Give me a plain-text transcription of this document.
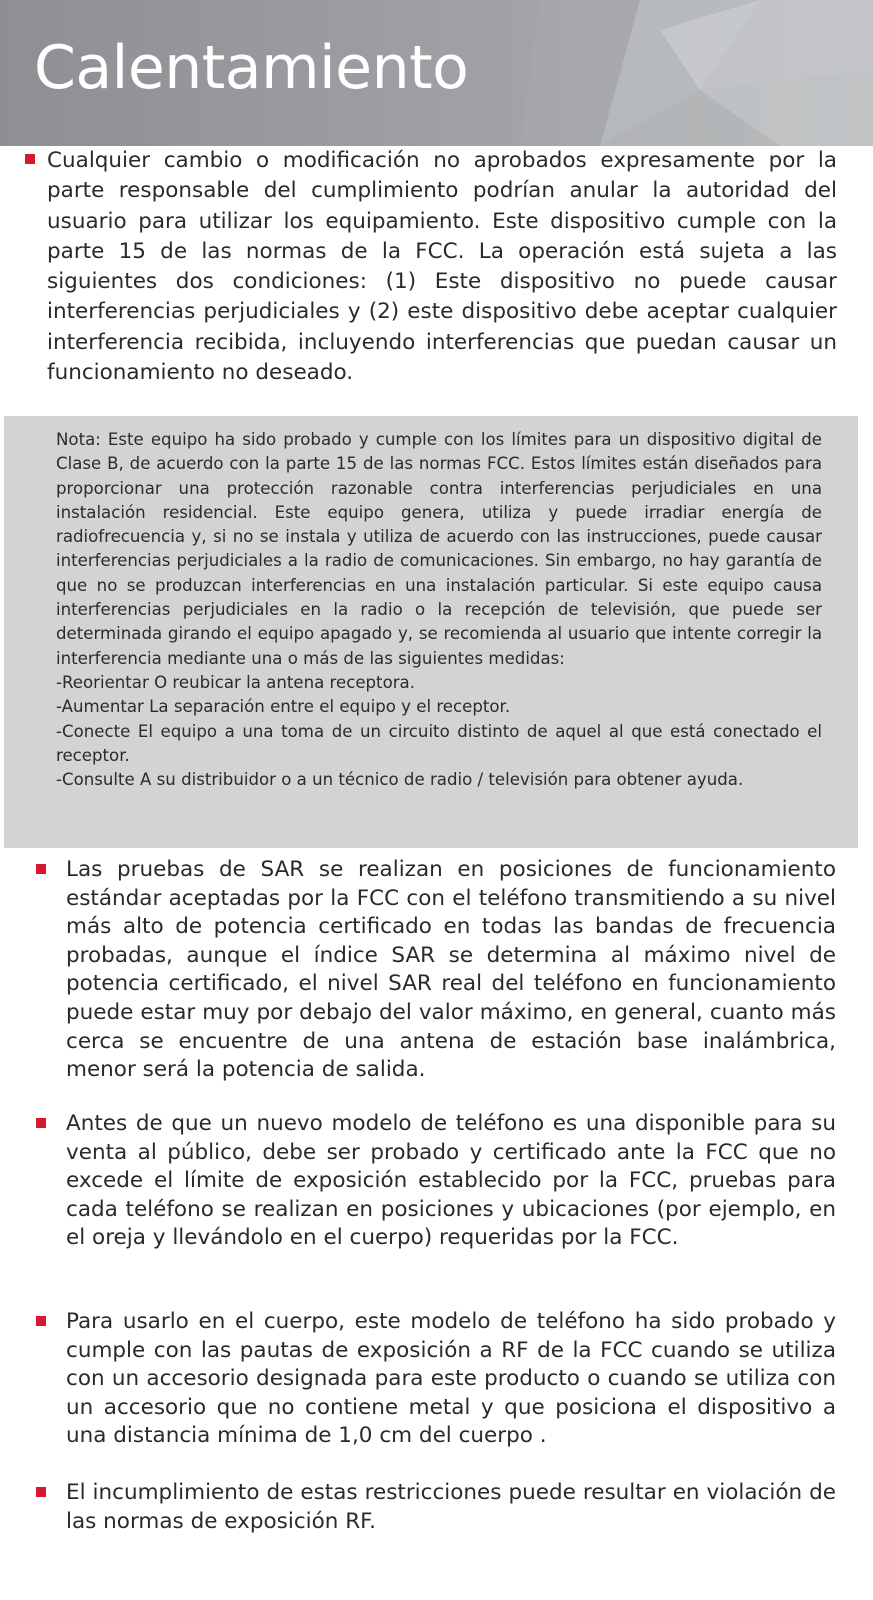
Calentamiento

Cualquier cambio o modificación no aprobados expresamente por la parte responsable del cumplimiento podrían anular la autoridad del usuario para utilizar los equipamiento. Este dispositivo cumple con la parte 15 de las normas de la FCC. La operación está sujeta a las siguientes dos condiciones: (1) Este dispositivo no puede causar interferencias perjudiciales y (2) este dispositivo debe aceptar cualquier interferencia recibida, incluyendo interferencias que puedan causar un funcionamiento no deseado.

Nota: Este equipo ha sido probado y cumple con los límites para un dispositivo digital de Clase B, de acuerdo con la parte 15 de las normas FCC. Estos límites están diseñados para proporcionar una protección razonable contra interferencias perjudiciales en una instalación residencial. Este equipo genera, utiliza y puede irradiar energía de radiofrecuencia y, si no se instala y utiliza de acuerdo con las instrucciones, puede causar interferencias perjudiciales a la radio de comunicaciones. Sin embargo, no hay garantía de que no se produzcan interferencias en una instalación particular. Si este equipo causa interferencias perjudiciales en la radio o la recepción de televisión, que puede ser determinada girando el equipo apagado y, se recomienda al usuario que intente corregir la interferencia mediante una o más de las siguientes medidas:
-Reorientar O reubicar la antena receptora.
-Aumentar La separación entre el equipo y el receptor.
-Conecte El equipo a una toma de un circuito distinto de aquel al que está conectado el receptor.
-Consulte A su distribuidor o a un técnico de radio / televisión para obtener ayuda.

Las pruebas de SAR se realizan en posiciones de funcionamiento estándar aceptadas por la FCC con el teléfono transmitiendo a su nivel más alto de potencia certificado en todas las bandas de frecuencia probadas, aunque el índice SAR se determina al máximo nivel de potencia certificado, el nivel SAR real del teléfono en funcionamiento puede estar muy por debajo del valor máximo, en general, cuanto más cerca se encuentre de una antena de estación base inalámbrica, menor será la potencia de salida.

Antes de que un nuevo modelo de teléfono es una disponible para su venta al público, debe ser probado y certificado ante la FCC que no excede el límite de exposición establecido por la FCC, pruebas para cada teléfono se realizan en posiciones y ubicaciones (por ejemplo, en el oreja y llevándolo en el cuerpo) requeridas por la FCC.

Para usarlo en el cuerpo, este modelo de teléfono ha sido probado y cumple con las pautas de exposición a RF de la FCC cuando se utiliza con un accesorio designada para este producto o cuando se utiliza con un accesorio que no contiene metal y que posiciona el dispositivo a una distancia mínima de 1,0 cm del cuerpo .

El incumplimiento de estas restricciones puede resultar en violación de las normas de exposición RF.
